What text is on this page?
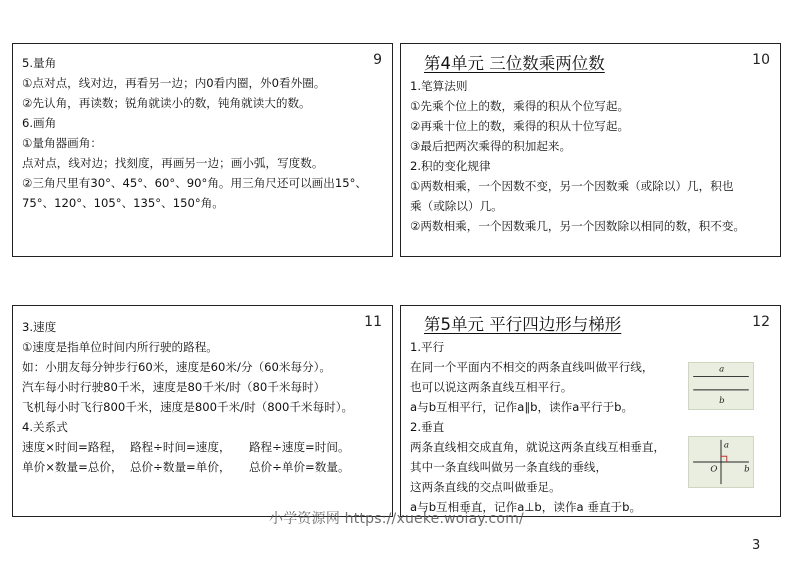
9
5.量角
①点对点，线对边，再看另一边；内0看内圈，外0看外圈。
②先认角，再读数；锐角就读小的数，钝角就读大的数。
6.画角
①量角器画角：
点对点，线对边；找刻度，再画另一边；画小弧，写度数。
②三角尺里有30°、45°、60°、90°角。用三角尺还可以画出15°、
75°、120°、105°、135°、150°角。
10
第4单元 三位数乘两位数
1.笔算法则
①先乘个位上的数，乘得的积从个位写起。
②再乘十位上的数，乘得的积从十位写起。
③最后把两次乘得的积加起来。
2.积的变化规律
①两数相乘，一个因数不变，另一个因数乘（或除以）几，积也
乘（或除以）几。
②两数相乘，一个因数乘几，另一个因数除以相同的数，积不变。
11
3.速度
①速度是指单位时间内所行驶的路程。
如：小朋友每分钟步行60米，速度是60米/分（60米每分）。
汽车每小时行驶80千米，速度是80千米/时（80千米每时）
飞机每小时飞行800千米，速度是800千米/时（800千米每时）。
4.关系式
速度×时间=路程，  路程÷时间=速度，     路程÷速度=时间。
单价×数量=总价，  总价÷数量=单价，     总价÷单价=数量。
12
第5单元 平行四边形与梯形
1.平行
在同一个平面内不相交的两条直线叫做平行线，
也可以说这两条直线互相平行。
a与b互相平行，记作a∥b，读作a平行于b。
2.垂直
两条直线相交成直角，就说这两条直线互相垂直，
其中一条直线叫做另一条直线的垂线，
这两条直线的交点叫做垂足。
a与b互相垂直，记作a⊥b，读作a 垂直于b。
a
b
a
O	b
小学资源网 https://xueke.woiay.com/
3
